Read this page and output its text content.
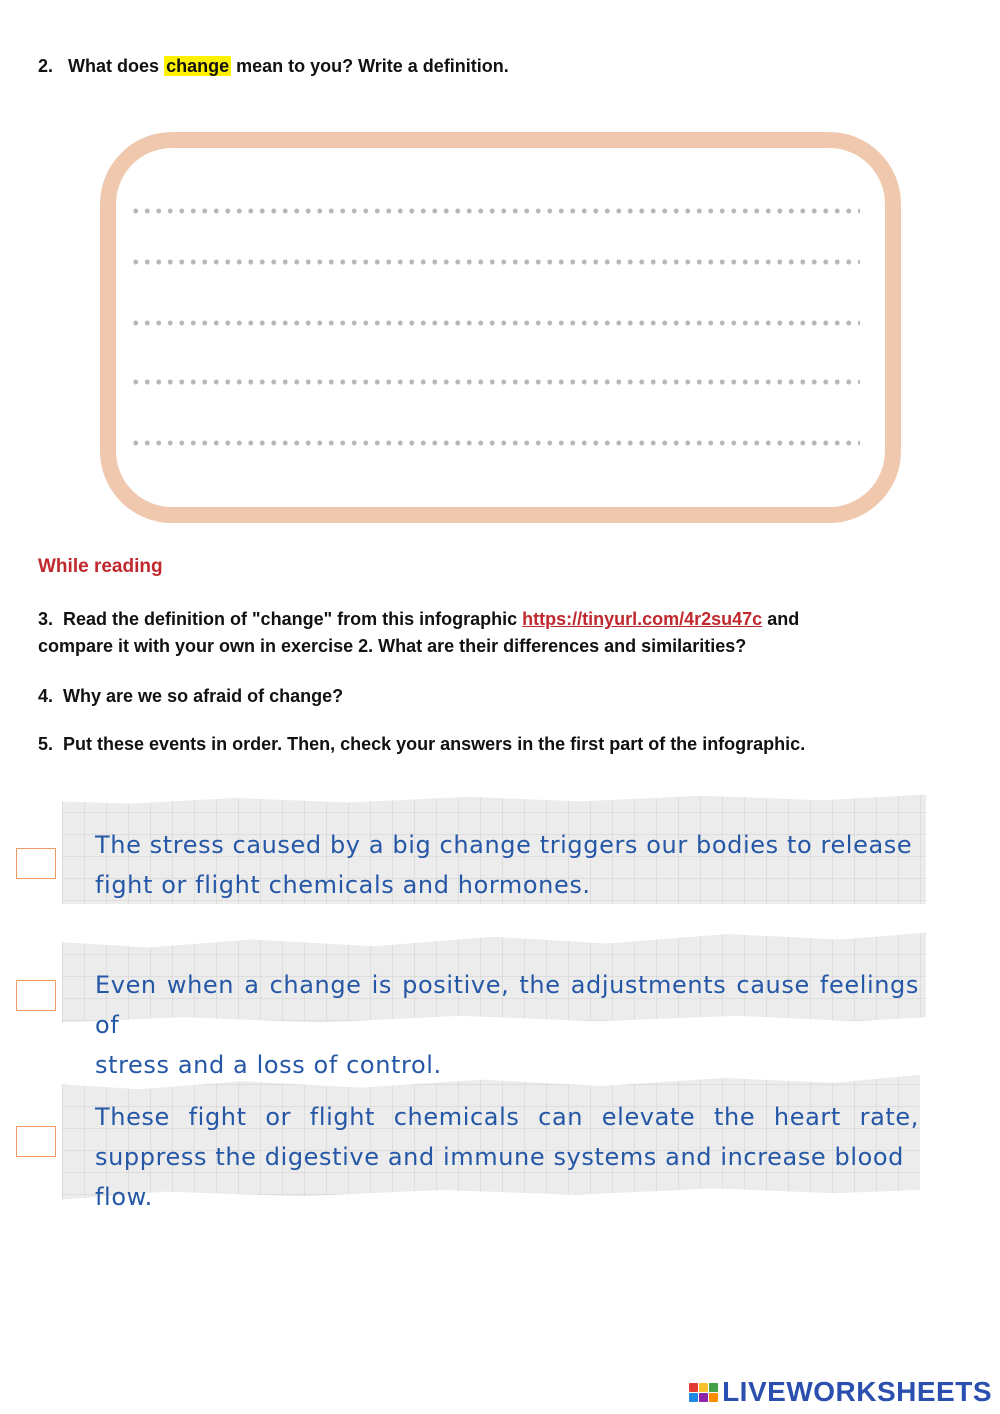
2. What does change mean to you? Write a definition.
While reading
3. Read the definition of "change" from this infographic https://tinyurl.com/4r2su47c and
compare it with your own in exercise 2. What are their differences and similarities?
4. Why are we so afraid of change?
5. Put these events in order. Then, check your answers in the first part of the infographic.
The stress caused by a big change triggers our bodies to release
fight or flight chemicals and hormones.
Even when a change is positive, the adjustments cause feelings of
stress and a loss of control.
These fight or flight chemicals can elevate the heart rate,
suppress the digestive and immune systems and increase blood
flow.
LIVEWORKSHEETS
